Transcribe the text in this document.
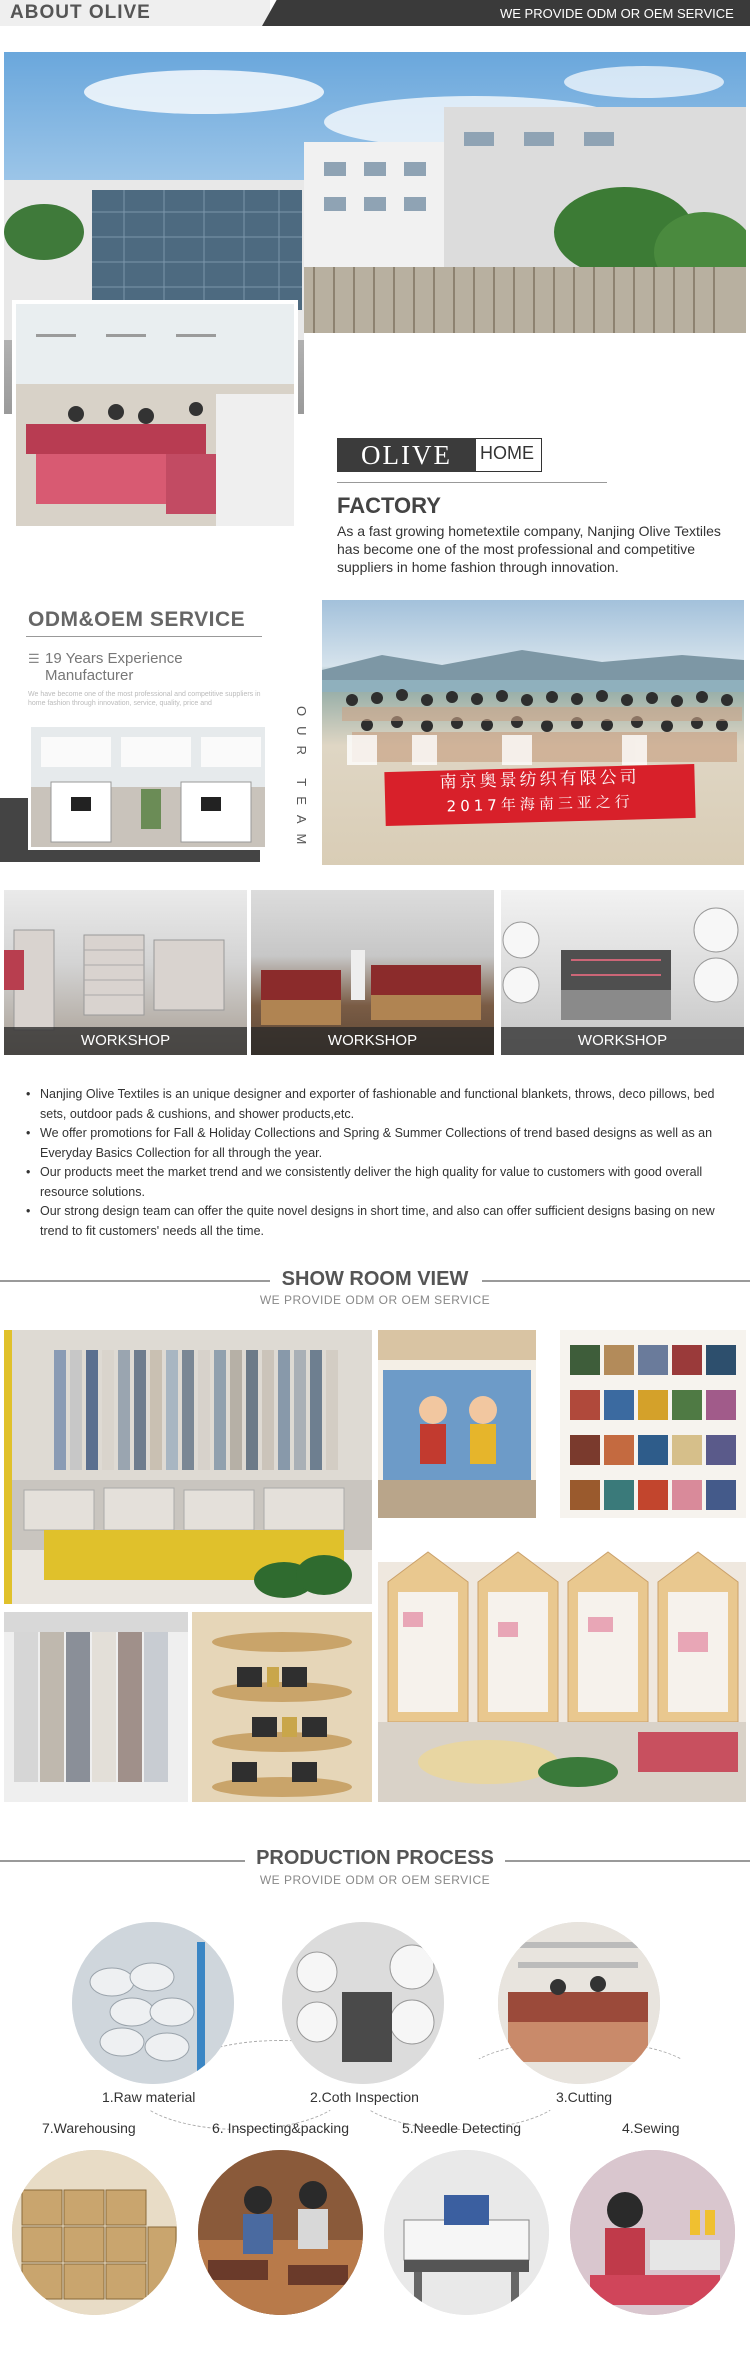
ABOUT OLIVE	WE PROVIDE ODM OR OEM SERVICE
OLIVE	HOME
FACTORY
As a fast growing hometextile company, Nanjing Olive Textiles has become one of the most professional and competitive suppliers in home fashion through innovation.
ODM&OEM SERVICE
☰ 19 Years Experience Manufacturer
We have become one of the most professional and competitive suppliers in home fashion through innovation, service, quality, price and
OUR TEAM	南京奥景纺织有限公司
2017年海南三亚之行
WORKSHOP	WORKSHOP	WORKSHOP
• Nanjing Olive Textiles is an unique designer and exporter of fashionable and functional blankets, throws, deco pillows, bed sets, outdoor pads & cushions, and shower products,etc.
• We offer promotions for Fall & Holiday Collections and Spring & Summer Collections of trend based designs as well as an Everyday Basics Collection for all through the year.
• Our products meet the market trend and we consistently deliver the high quality for value to customers with good overall resource solutions.
• Our strong design team can offer the quite novel designs in short time, and also can offer sufficient designs basing on new trend to fit customers' needs all the time.
SHOW ROOM VIEW
WE PROVIDE ODM OR OEM SERVICE
PRODUCTION PROCESS
WE PROVIDE ODM OR OEM SERVICE
1.Raw material	2.Coth Inspection	3.Cutting
4.Sewing
5.Needle Detecting
6. Inspecting&packing
7.Warehousing
